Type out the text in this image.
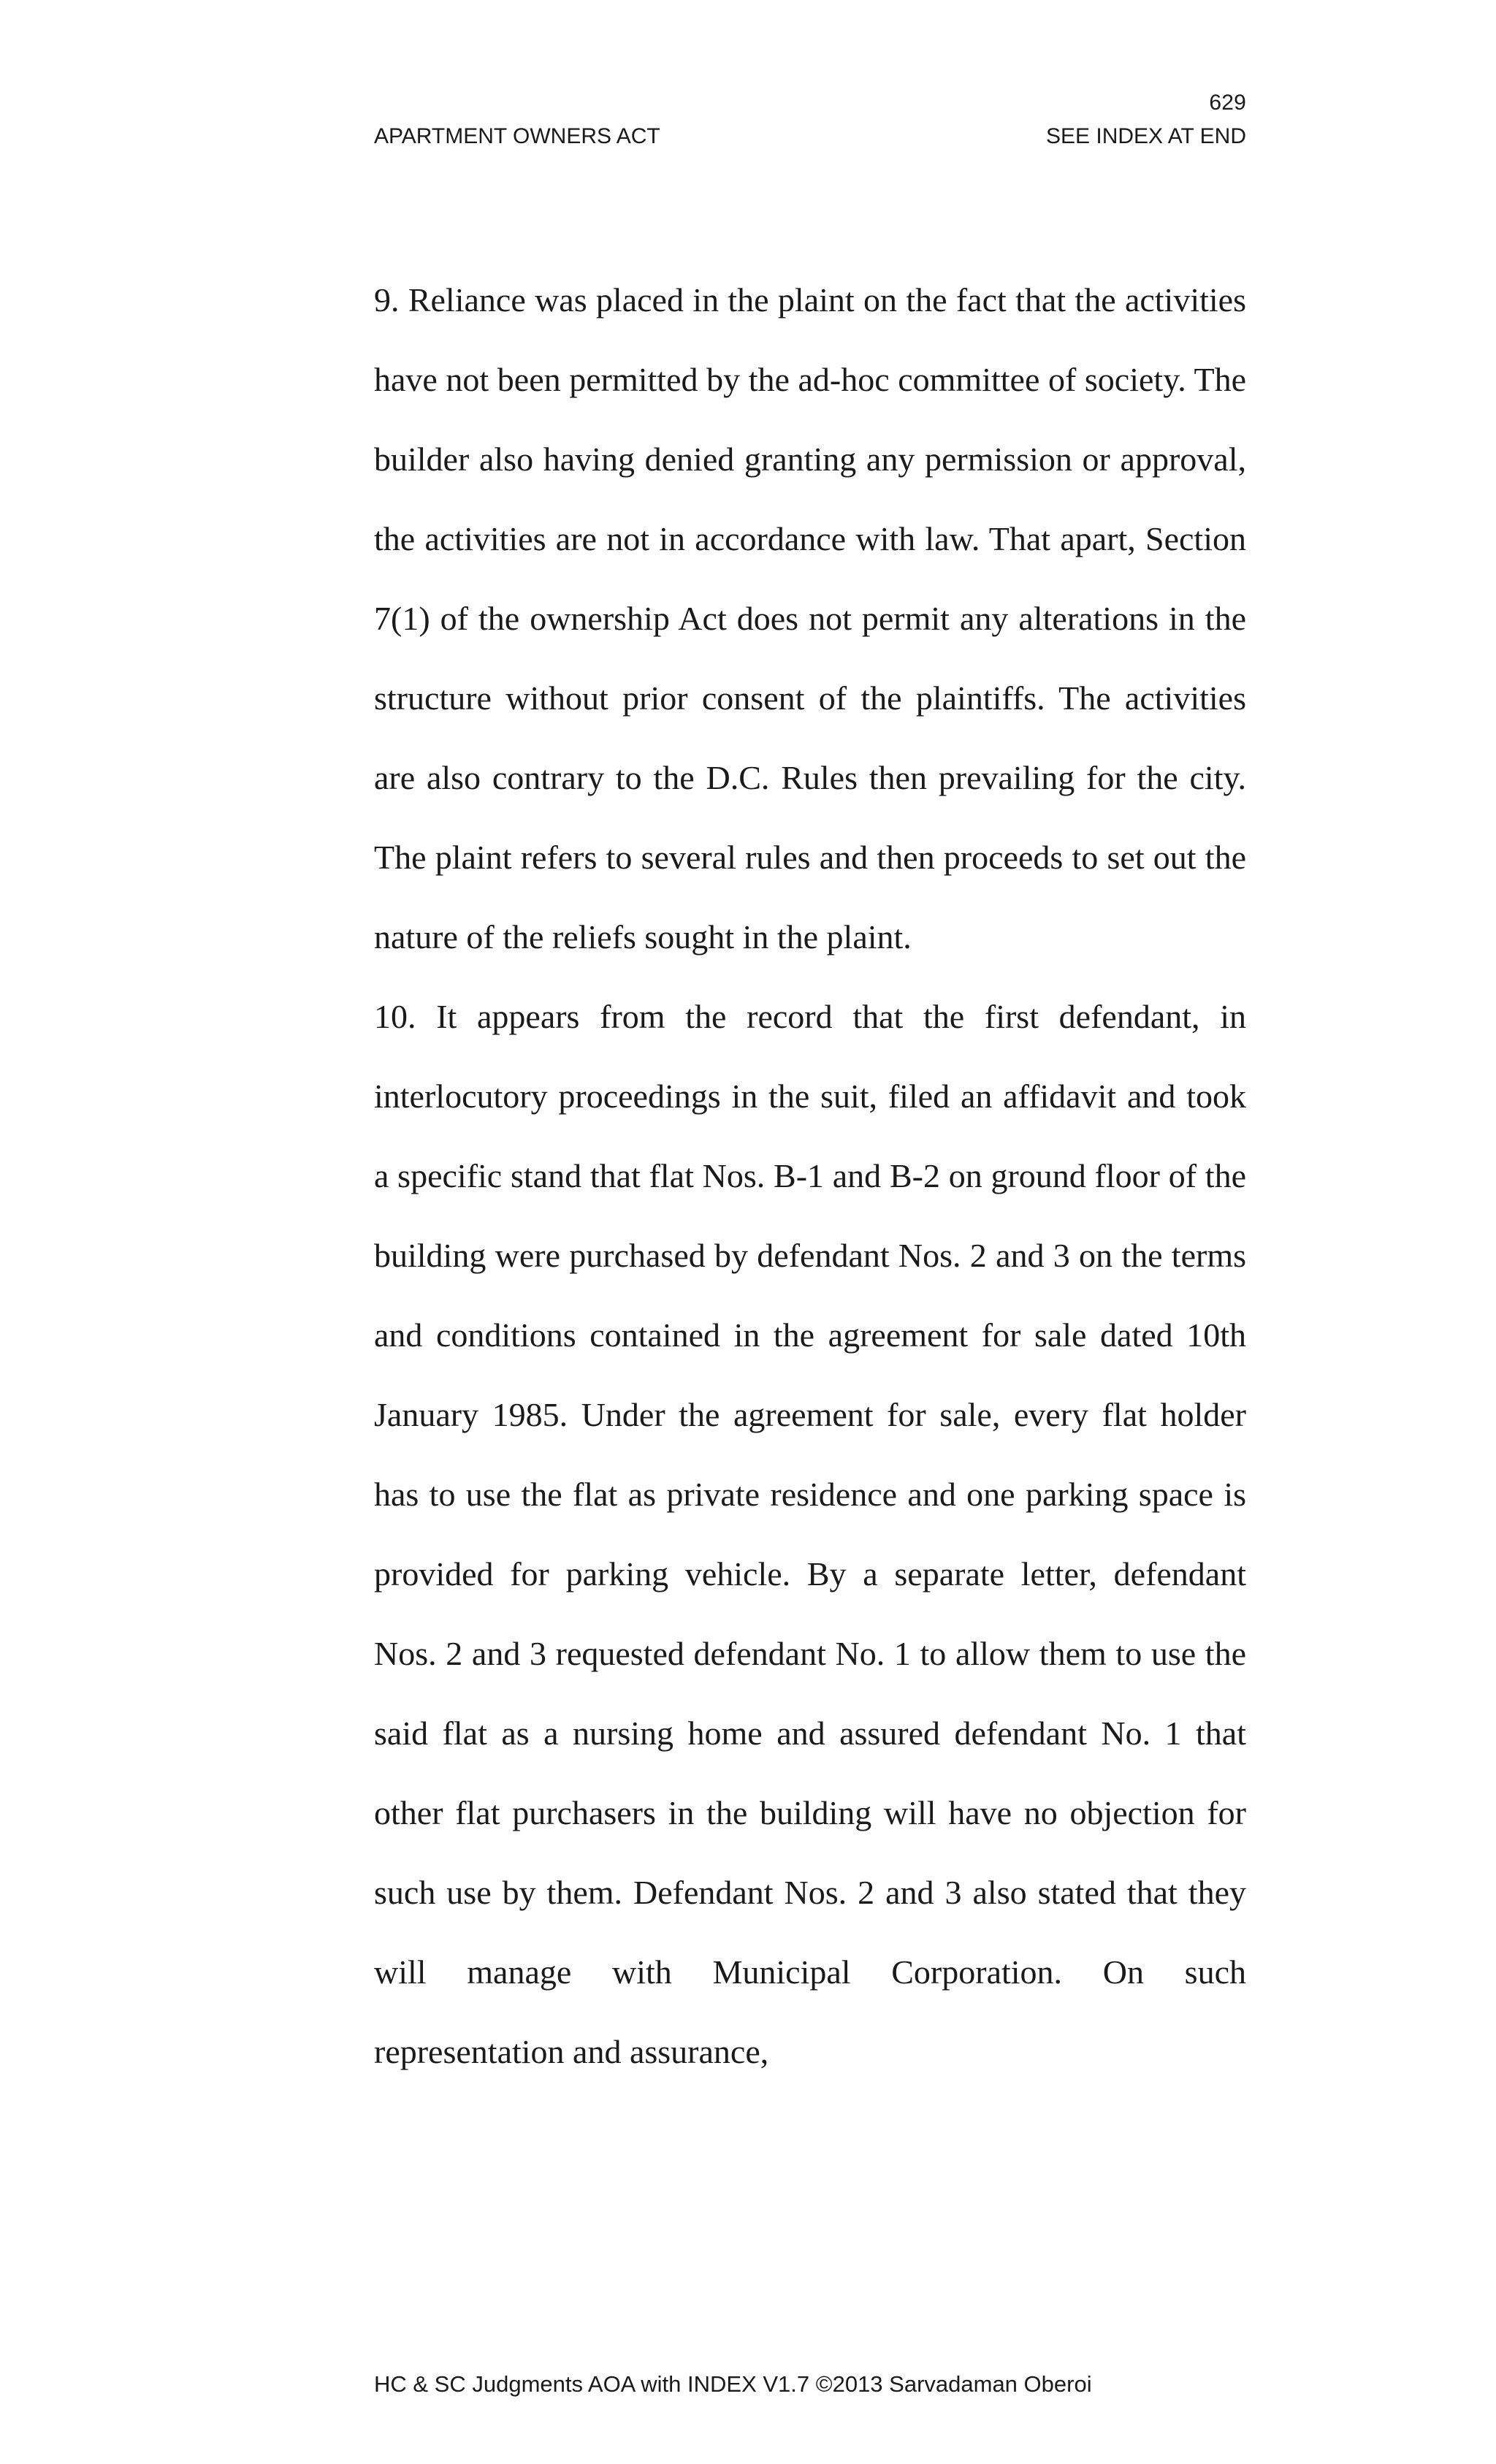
629
APARTMENT OWNERS ACT	SEE INDEX AT END

9. Reliance was placed in the plaint on the fact that the activities have not been permitted by the ad-hoc committee of society. The builder also having denied granting any permission or approval, the activities are not in accordance with law. That apart, Section 7(1) of the ownership Act does not permit any alterations in the structure without prior consent of the plaintiffs. The activities are also contrary to the D.C. Rules then prevailing for the city. The plaint refers to several rules and then proceeds to set out the nature of the reliefs sought in the plaint.

10. It appears from the record that the first defendant, in interlocutory proceedings in the suit, filed an affidavit and took a specific stand that flat Nos. B-1 and B-2 on ground floor of the building were purchased by defendant Nos. 2 and 3 on the terms and conditions contained in the agreement for sale dated 10th January 1985. Under the agreement for sale, every flat holder has to use the flat as private residence and one parking space is provided for parking vehicle. By a separate letter, defendant Nos. 2 and 3 requested defendant No. 1 to allow them to use the said flat as a nursing home and assured defendant No. 1 that other flat purchasers in the building will have no objection for such use by them. Defendant Nos. 2 and 3 also stated that they will manage with Municipal Corporation. On such representation and assurance,

HC & SC Judgments AOA with INDEX V1.7 ©2013 Sarvadaman Oberoi
